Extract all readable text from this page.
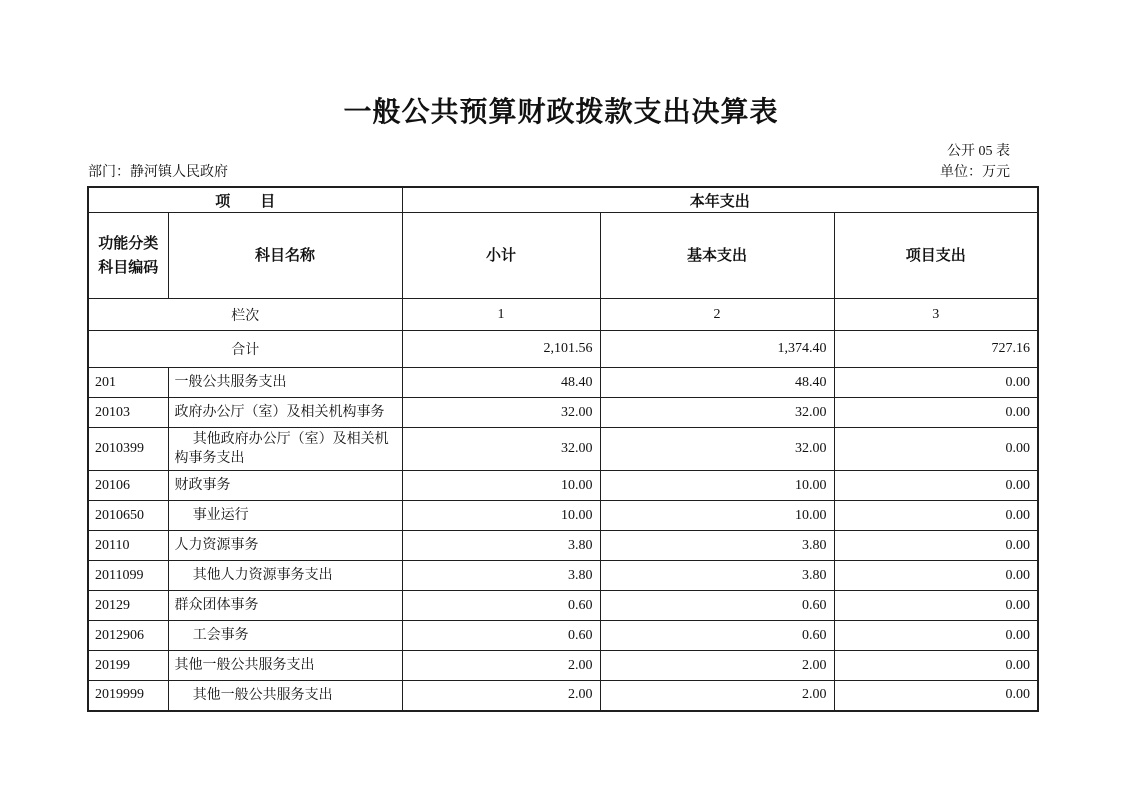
一般公共预算财政拨款支出决算表
公开 05 表
部门：静河镇人民政府	单位：万元
项　　目		本年支出		
功能分类
科目编码	科目名称	小计	基本支出	项目支出
栏次		1	2	3
合计		2,101.56	1,374.40	727.16
201	一般公共服务支出	48.40	48.40	0.00
20103	政府办公厅（室）及相关机构事务	32.00	32.00	0.00
2010399	其他政府办公厅（室）及相关机构事务支出	32.00	32.00	0.00
20106	财政事务	10.00	10.00	0.00
2010650	事业运行	10.00	10.00	0.00
20110	人力资源事务	3.80	3.80	0.00
2011099	其他人力资源事务支出	3.80	3.80	0.00
20129	群众团体事务	0.60	0.60	0.00
2012906	工会事务	0.60	0.60	0.00
20199	其他一般公共服务支出	2.00	2.00	0.00
2019999	其他一般公共服务支出	2.00	2.00	0.00
